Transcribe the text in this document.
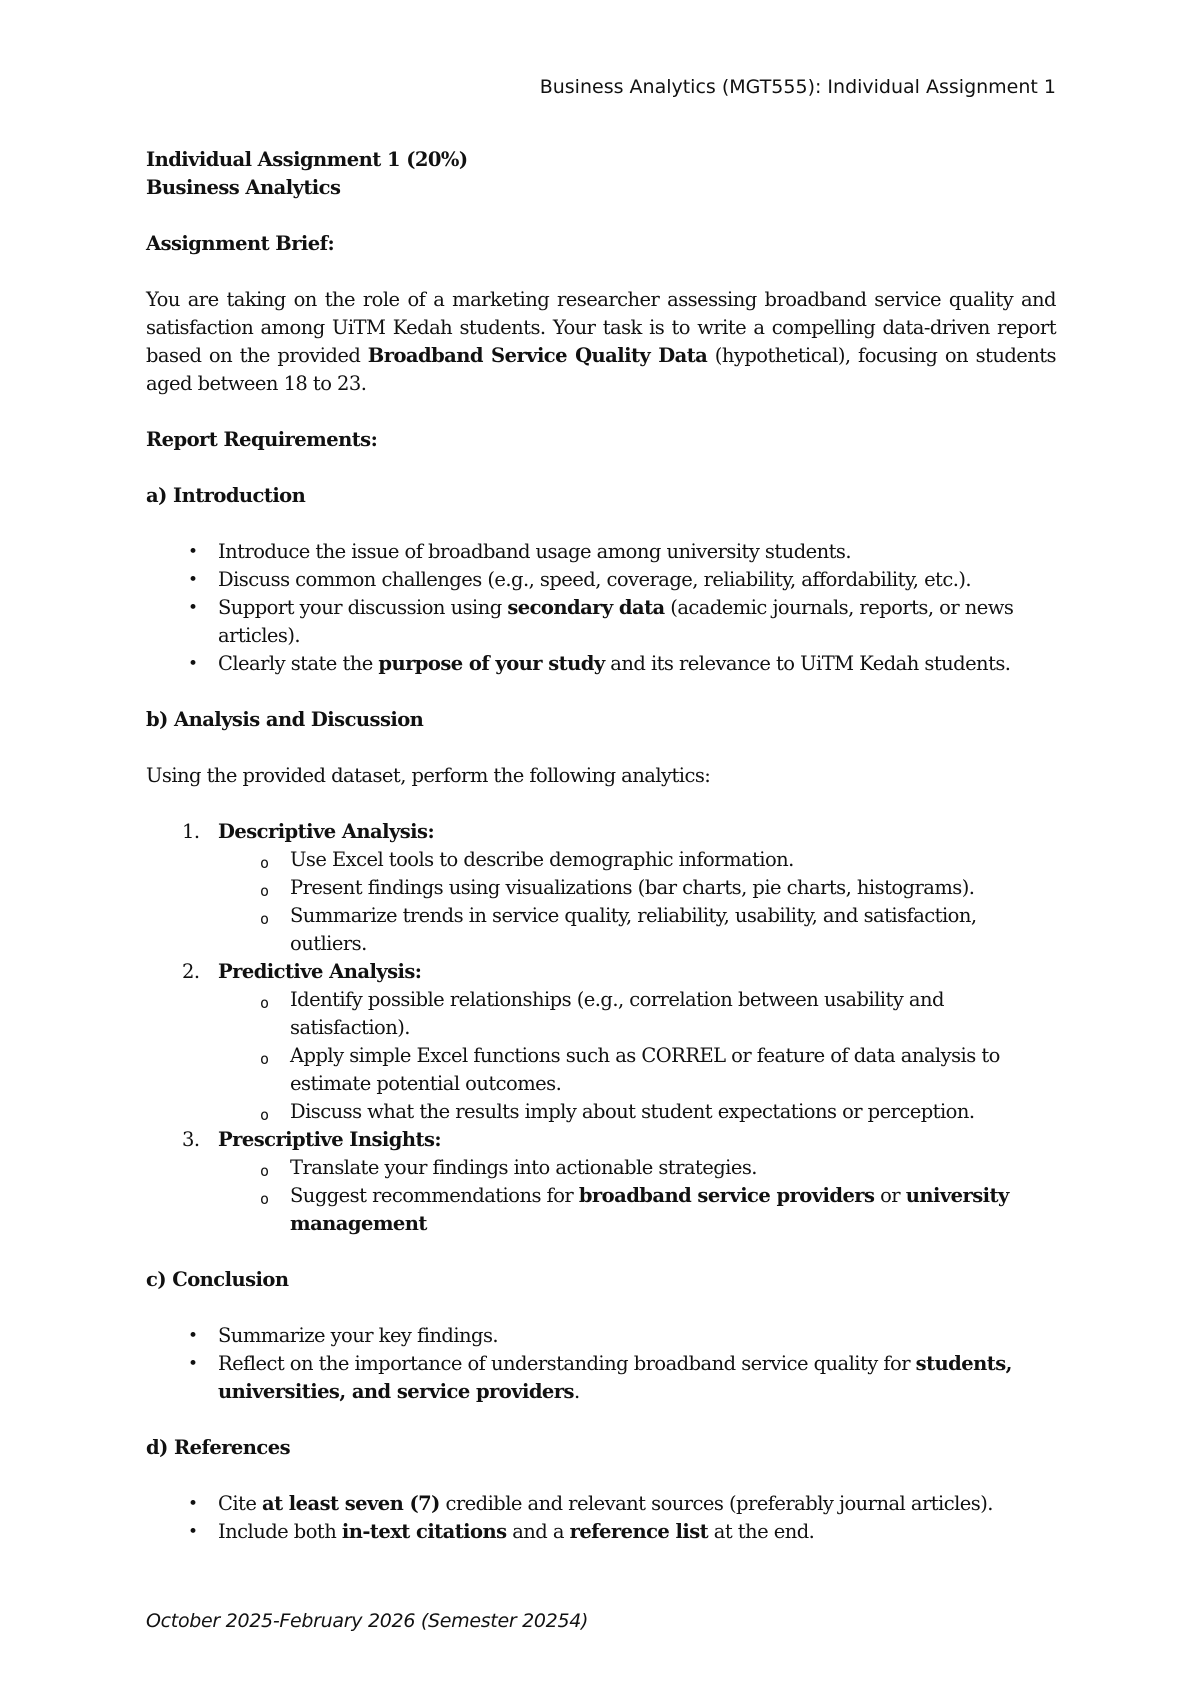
Business Analytics (MGT555): Individual Assignment 1

Individual Assignment 1 (20%)

Business Analytics

Assignment Brief:

You are taking on the role of a marketing researcher assessing broadband service quality and satisfaction among UiTM Kedah students. Your task is to write a compelling data-driven report based on the provided Broadband Service Quality Data (hypothetical), focusing on students aged between 18 to 23.

Report Requirements:

a) Introduction

• Introduce the issue of broadband usage among university students.
• Discuss common challenges (e.g., speed, coverage, reliability, affordability, etc.).
• Support your discussion using secondary data (academic journals, reports, or news articles).
• Clearly state the purpose of your study and its relevance to UiTM Kedah students.

b) Analysis and Discussion

Using the provided dataset, perform the following analytics:

1. Descriptive Analysis:
o Use Excel tools to describe demographic information.
o Present findings using visualizations (bar charts, pie charts, histograms).
o Summarize trends in service quality, reliability, usability, and satisfaction, outliers.
2. Predictive Analysis:
o Identify possible relationships (e.g., correlation between usability and satisfaction).
o Apply simple Excel functions such as CORREL or feature of data analysis to estimate potential outcomes.
o Discuss what the results imply about student expectations or perception.
3. Prescriptive Insights:
o Translate your findings into actionable strategies.
o Suggest recommendations for broadband service providers or university management

c) Conclusion

• Summarize your key findings.
• Reflect on the importance of understanding broadband service quality for students, universities, and service providers.

d) References

• Cite at least seven (7) credible and relevant sources (preferably journal articles).
• Include both in-text citations and a reference list at the end.
October 2025-February 2026 (Semester 20254)
